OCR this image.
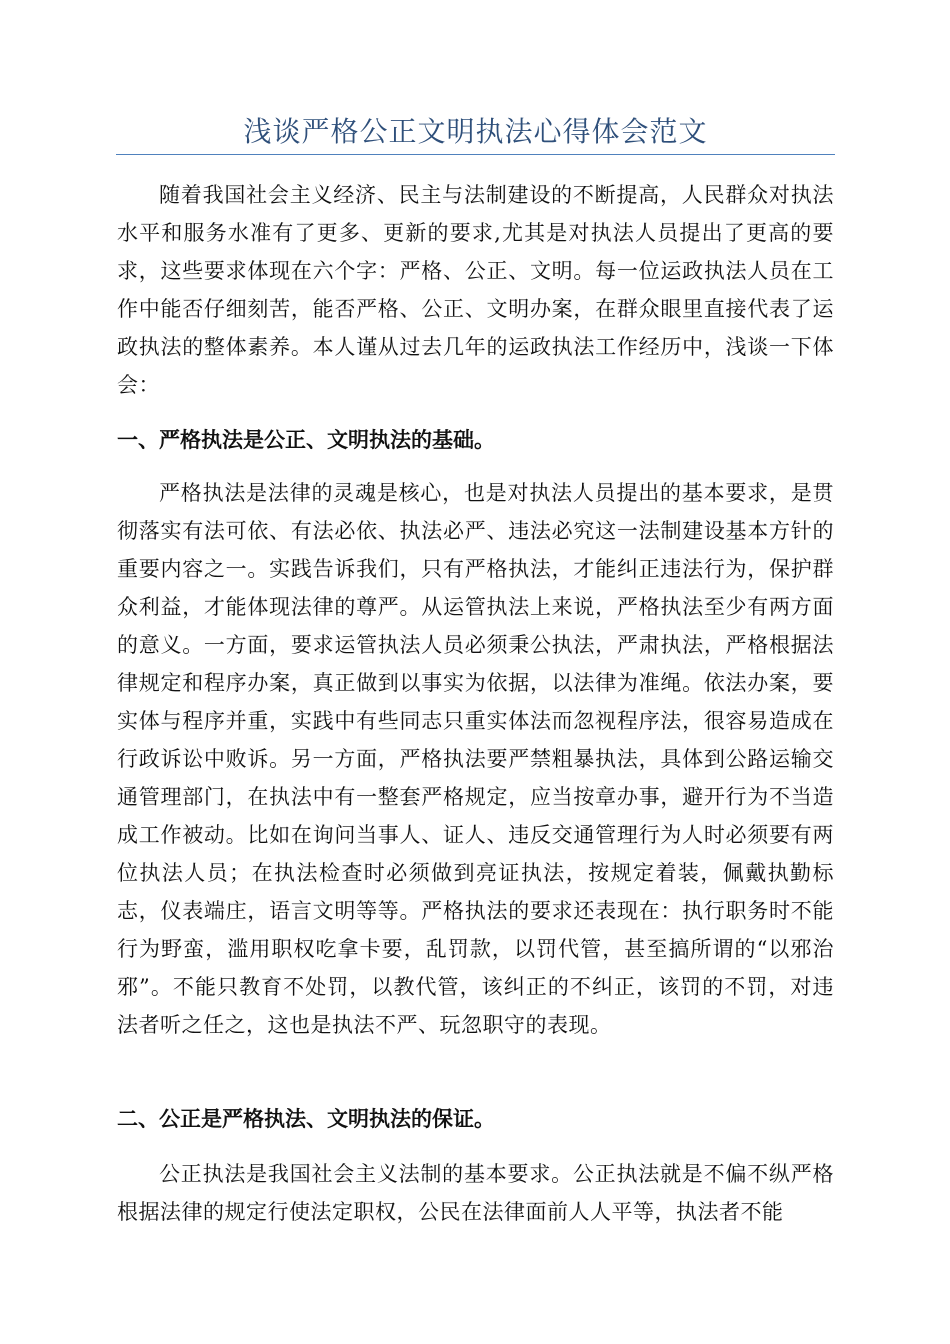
浅谈严格公正文明执法心得体会范文

随着我国社会主义经济、民主与法制建设的不断提高，人民群众对执法水平和服务水准有了更多、更新的要求,尤其是对执法人员提出了更高的要求，这些要求体现在六个字：严格、公正、文明。每一位运政执法人员在工作中能否仔细刻苦，能否严格、公正、文明办案，在群众眼里直接代表了运政执法的整体素养。本人谨从过去几年的运政执法工作经历中，浅谈一下体会：

一、严格执法是公正、文明执法的基础。

严格执法是法律的灵魂是核心，也是对执法人员提出的基本要求，是贯彻落实有法可依、有法必依、执法必严、违法必究这一法制建设基本方针的重要内容之一。实践告诉我们，只有严格执法，才能纠正违法行为，保护群众利益，才能体现法律的尊严。从运管执法上来说，严格执法至少有两方面的意义。一方面，要求运管执法人员必须秉公执法，严肃执法，严格根据法律规定和程序办案，真正做到以事实为依据，以法律为准绳。依法办案，要实体与程序并重，实践中有些同志只重实体法而忽视程序法，很容易造成在行政诉讼中败诉。另一方面，严格执法要严禁粗暴执法，具体到公路运输交通管理部门，在执法中有一整套严格规定，应当按章办事，避开行为不当造成工作被动。比如在询问当事人、证人、违反交通管理行为人时必须要有两位执法人员；在执法检查时必须做到亮证执法，按规定着装，佩戴执勤标志，仪表端庄，语言文明等等。严格执法的要求还表现在：执行职务时不能行为野蛮，滥用职权吃拿卡要，乱罚款，以罚代管，甚至搞所谓的“以邪治邪”。不能只教育不处罚，以教代管，该纠正的不纠正，该罚的不罚，对违法者听之任之，这也是执法不严、玩忽职守的表现。

二、公正是严格执法、文明执法的保证。

公正执法是我国社会主义法制的基本要求。公正执法就是不偏不纵严格根据法律的规定行使法定职权，公民在法律面前人人平等，执法者不能
